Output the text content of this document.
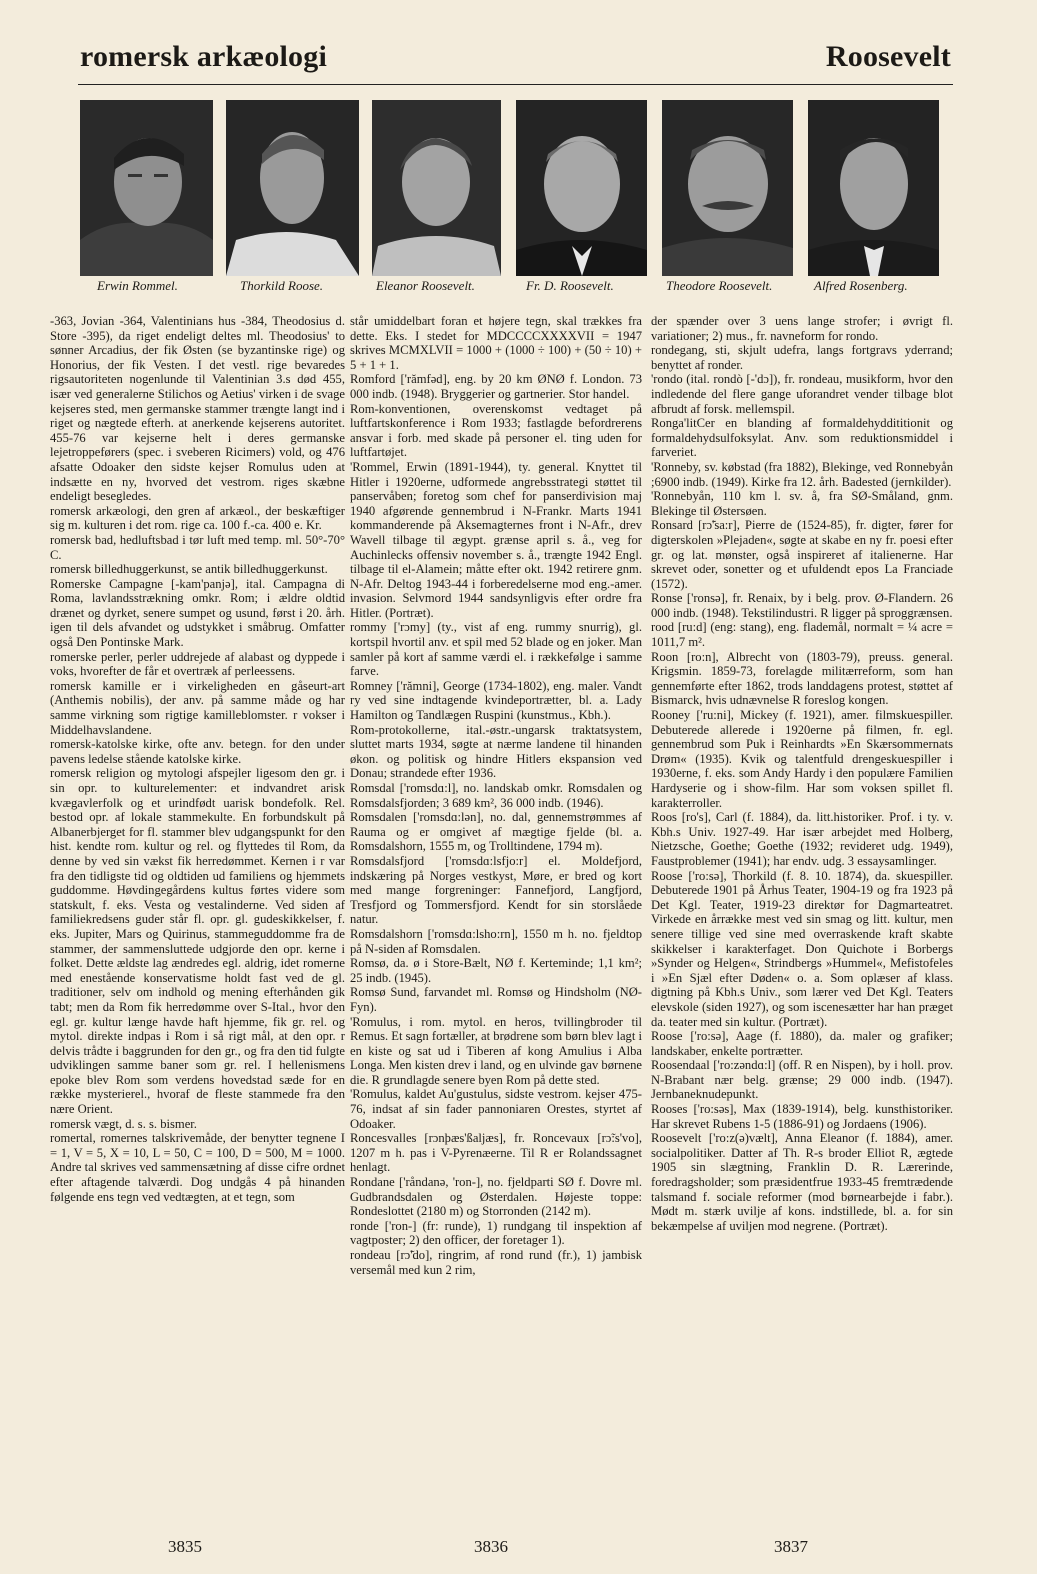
romersk arkæologi	Roosevelt
Erwin Rommel.	Thorkild Roose.	Eleanor Roosevelt.	Fr. D. Roosevelt.	Theodore Roosevelt.	Alfred Rosenberg.

-363, Jovian -364, Valentinians hus -384, Theodosius d. Store -395), da riget endeligt deltes ml. Theodosius' to sønner Arcadius, der fik Østen (se byzantinske rige) og Honorius, der fik Vesten. I det vestl. rige bevaredes rigsautoriteten nogenlunde til Valentinian 3.s død 455, især ved generalerne Stilichos og Aetius' virken i de svage kejseres sted, men germanske stammer trængte langt ind i riget og nægtede efterh. at anerkende kejserens autoritet. 455-76 var kejserne helt i deres germanske lejetroppeførers (spec. i sveberen Ricimers) vold, og 476 afsatte Odoaker den sidste kejser Romulus uden at indsætte en ny, hvorved det vestrom. riges skæbne endeligt besegledes.

romersk arkæologi, den gren af arkæol., der beskæftiger sig m. kulturen i det rom. rige ca. 100 f.-ca. 400 e. Kr.

romersk bad, hedluftsbad i tør luft med temp. ml. 50°-70° C.

romersk billedhuggerkunst, se antik billedhuggerkunst.

Romerske Campagne [-kam'panjə], ital. Campagna di Roma, lavlandsstrækning omkr. Rom; i ældre oldtid drænet og dyrket, senere sumpet og usund, først i 20. årh. igen til dels afvandet og udstykket i småbrug. Omfatter også Den Pontinske Mark.

romerske perler, perler uddrejede af alabast og dyppede i voks, hvorefter de får et overtræk af perleessens.

romersk kamille er i virkeligheden en gåseurt-art (Anthemis nobilis), der anv. på samme måde og har samme virkning som rigtige kamilleblomster. r vokser i Middelhavslandene.

romersk-katolske kirke, ofte anv. betegn. for den under pavens ledelse stående katolske kirke.

romersk religion og mytologi afspejler ligesom den gr. i sin opr. to kulturelementer: et indvandret arisk kvægavlerfolk og et urindfødt uarisk bondefolk. Rel. bestod opr. af lokale stammekulte. En forbundskult på Albanerbjerget for fl. stammer blev udgangspunkt for den hist. kendte rom. kultur og rel. og flyttedes til Rom, da denne by ved sin vækst fik herredømmet. Kernen i r var fra den tidligste tid og oldtiden ud familiens og hjemmets guddomme. Høvdingegårdens kultus førtes videre som statskult, f. eks. Vesta og vestalinderne. Ved siden af familiekredsens guder står fl. opr. gl. gudeskikkelser, f. eks. Jupiter, Mars og Quirinus, stammeguddomme fra de stammer, der sammensluttede udgjorde den opr. kerne i folket. Dette ældste lag ændredes egl. aldrig, idet romerne med enestående konservatisme holdt fast ved de gl. traditioner, selv om indhold og mening efterhånden gik tabt; men da Rom fik herredømme over S-Ital., hvor den egl. gr. kultur længe havde haft hjemme, fik gr. rel. og mytol. direkte indpas i Rom i så rigt mål, at den opr. r delvis trådte i baggrunden for den gr., og fra den tid fulgte udviklingen samme baner som gr. rel. I hellenismens epoke blev Rom som verdens hovedstad sæde for en række mysterierel., hvoraf de fleste stammede fra den nære Orient.

romersk vægt, d. s. s. bismer.

romertal, romernes talskrivemåde, der benytter tegnene I = 1, V = 5, X = 10, L = 50, C = 100, D = 500, M = 1000. Andre tal skrives ved sammensætning af disse cifre ordnet efter aftagende talværdi. Dog undgås 4 på hinanden følgende ens tegn ved vedtægten, at et tegn, som

står umiddelbart foran et højere tegn, skal trækkes fra dette. Eks. I stedet for MDCCCCXXXXVII = 1947 skrives MCMXLVII = 1000 + (1000 ÷ 100) + (50 ÷ 10) + 5 + 1 + 1.

Romford ['rămfəd], eng. by 20 km ØNØ f. London. 73 000 indb. (1948). Bryggerier og gartnerier. Stor handel.

Rom-konventionen, overenskomst vedtaget på luftfartskonference i Rom 1933; fastlagde befordrerens ansvar i forb. med skade på personer el. ting uden for luftfartøjet.

'Rommel, Erwin (1891-1944), ty. general. Knyttet til Hitler i 1920erne, udformede angrebsstrategi støttet til panservåben; foretog som chef for panserdivision maj 1940 afgørende gennembrud i N-Frankr. Marts 1941 kommanderende på Aksemagternes front i N-Afr., drev Wavell tilbage til ægypt. grænse april s. å., veg for Auchinlecks offensiv november s. å., trængte 1942 Engl. tilbage til el-Alamein; måtte efter okt. 1942 retirere gnm. N-Afr. Deltog 1943-44 i forberedelserne mod eng.-amer. invasion. Selvmord 1944 sandsynligvis efter ordre fra Hitler. (Portræt).

rommy ['rɔmy] (ty., vist af eng. rummy snurrig), gl. kortspil hvortil anv. et spil med 52 blade og en joker. Man samler på kort af samme værdi el. i rækkefølge i samme farve.

Romney ['rămni], George (1734-1802), eng. maler. Vandt ry ved sine indtagende kvindeportrætter, bl. a. Lady Hamilton og Tandlægen Ruspini (kunstmus., Kbh.).

Rom-protokollerne, ital.-østr.-ungarsk traktatsystem, sluttet marts 1934, søgte at nærme landene til hinanden økon. og politisk og hindre Hitlers ekspansion ved Donau; strandede efter 1936.

Romsdal ['romsdɑ:l], no. landskab omkr. Romsdalen og Romsdalsfjorden; 3 689 km², 36 000 indb. (1946).

Romsdalen ['romsdɑ:lən], no. dal, gennemstrømmes af Rauma og er omgivet af mægtige fjelde (bl. a. Romsdalshorn, 1555 m, og Trolltindene, 1794 m).

Romsdalsfjord ['romsdɑ:lsfjo:r] el. Moldefjord, indskæring på Norges vestkyst, Møre, er bred og kort med mange forgreninger: Fannefjord, Langfjord, Tresfjord og Tommersfjord. Kendt for sin storslåede natur.

Romsdalshorn ['romsdɑ:lsho:rn], 1550 m h. no. fjeldtop på N-siden af Romsdalen.

Romsø, da. ø i Store-Bælt, NØ f. Kerteminde; 1,1 km²; 25 indb. (1945).

Romsø Sund, farvandet ml. Romsø og Hindsholm (NØ-Fyn).

'Romulus, i rom. mytol. en heros, tvillingbroder til Remus. Et sagn fortæller, at brødrene som børn blev lagt i en kiste og sat ud i Tiberen af kong Amulius i Alba Longa. Men kisten drev i land, og en ulvinde gav børnene die. R grundlagde senere byen Rom på dette sted.

'Romulus, kaldet Au'gustulus, sidste vestrom. kejser 475-76, indsat af sin fader pannoniaren Orestes, styrtet af Odoaker.

Roncesvalles [rɔnþæs'ßaljæs], fr. Roncevaux [rɔ̃:s'vo], 1207 m h. pas i V-Pyrenæerne. Til R er Rolandssagnet henlagt.

Rondane ['råndanə, 'ron-], no. fjeldparti SØ f. Dovre ml. Gudbrandsdalen og Østerdalen. Højeste toppe: Rondeslottet (2180 m) og Storronden (2142 m).

ronde ['ron-] (fr: runde), 1) rundgang til inspektion af vagtposter; 2) den officer, der foretager 1).

rondeau [rɔ̃'do], ringrim, af rond rund (fr.), 1) jambisk versemål med kun 2 rim,

der spænder over 3 uens lange strofer; i øvrigt fl. variationer; 2) mus., fr. navneform for rondo.

rondegang, sti, skjult udefra, langs fortgravs yderrand; benyttet af ronder.

'rondo (ital. rondò [-'dɔ]), fr. rondeau, musikform, hvor den indledende del flere gange uforandret vender tilbage blot afbrudt af forsk. mellemspil.

Ronga'litCer en blanding af formaldehyddititionit og formaldehydsulfoksylat. Anv. som reduktionsmiddel i farveriet.

'Ronneby, sv. købstad (fra 1882), Blekinge, ved Ronnebyån ;6900 indb. (1949). Kirke fra 12. årh. Badested (jernkilder).

'Ronnebyån, 110 km l. sv. å, fra SØ-Småland, gnm. Blekinge til Østersøen.

Ronsard [rɔ̃'sa:r], Pierre de (1524-85), fr. digter, fører for digterskolen »Plejaden«, søgte at skabe en ny fr. poesi efter gr. og lat. mønster, også inspireret af italienerne. Har skrevet oder, sonetter og et ufuldendt epos La Franciade (1572).

Ronse ['ronsə], fr. Renaix, by i belg. prov. Ø-Flandern. 26 000 indb. (1948). Tekstilindustri. R ligger på sproggrænsen.

rood [ru:d] (eng: stang), eng. flademål, normalt = ¼ acre = 1011,7 m².

Roon [ro:n], Albrecht von (1803-79), preuss. general. Krigsmin. 1859-73, forelagde militærreform, som han gennemførte efter 1862, trods landdagens protest, støttet af Bismarck, hvis udnævnelse R foreslog kongen.

Rooney ['ru:ni], Mickey (f. 1921), amer. filmskuespiller. Debuterede allerede i 1920erne på filmen, fr. egl. gennembrud som Puk i Reinhardts »En Skærsommernats Drøm« (1935). Kvik og talentfuld drengeskuespiller i 1930erne, f. eks. som Andy Hardy i den populære Familien Hardyserie og i show-film. Har som voksen spillet fl. karakterroller.

Roos [ro's], Carl (f. 1884), da. litt.historiker. Prof. i ty. v. Kbh.s Univ. 1927-49. Har især arbejdet med Holberg, Nietzsche, Goethe; Goethe (1932; revideret udg. 1949), Faustproblemer (1941); har endv. udg. 3 essaysamlinger.

Roose ['ro:sə], Thorkild (f. 8. 10. 1874), da. skuespiller. Debuterede 1901 på Århus Teater, 1904-19 og fra 1923 på Det Kgl. Teater, 1919-23 direktør for Dagmarteatret. Virkede en årrække mest ved sin smag og litt. kultur, men senere tillige ved sine med overraskende kraft skabte skikkelser i karakterfaget. Don Quichote i Borbergs »Synder og Helgen«, Strindbergs »Hummel«, Mefistofeles i »En Sjæl efter Døden« o. a. Som oplæser af klass. digtning på Kbh.s Univ., som lærer ved Det Kgl. Teaters elevskole (siden 1927), og som iscenesætter har han præget da. teater med sin kultur. (Portræt).

Roose ['ro:sə], Aage (f. 1880), da. maler og grafiker; landskaber, enkelte portrætter.

Roosendaal ['ro:zəndɑ:l] (off. R en Nispen), by i holl. prov. N-Brabant nær belg. grænse; 29 000 indb. (1947). Jernbaneknudepunkt.

Rooses ['ro:səs], Max (1839-1914), belg. kunsthistoriker. Har skrevet Rubens 1-5 (1886-91) og Jordaens (1906).

Roosevelt ['ro:z(ə)vælt], Anna Eleanor (f. 1884), amer. socialpolitiker. Datter af Th. R-s broder Elliot R, ægtede 1905 sin slægtning, Franklin D. R. Lærerinde, foredragsholder; som præsidentfrue 1933-45 fremtrædende talsmand f. sociale reformer (mod børnearbejde i fabr.). Mødt m. stærk uvilje af kons. indstillede, bl. a. for sin bekæmpelse af uviljen mod negrene. (Portræt).

3835	3836	3837
